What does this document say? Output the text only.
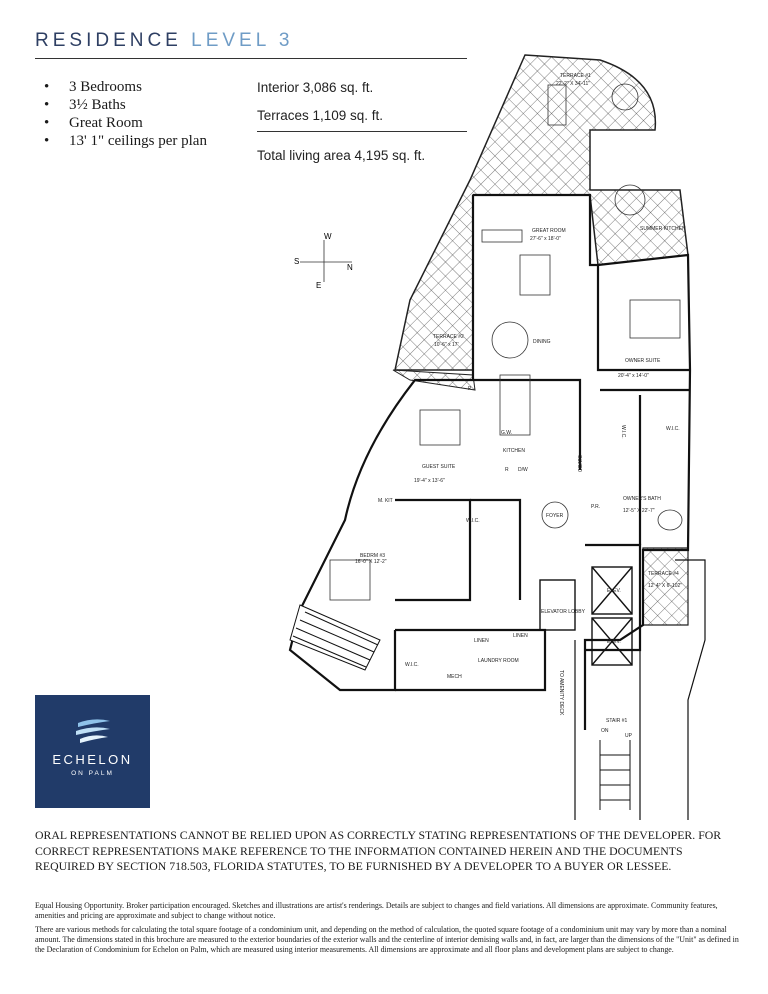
RESIDENCE LEVEL 3
• 3 Bedrooms
• 3½ Baths
• Great Room
• 13' 1" ceilings per plan
Interior 3,086 sq. ft.
Terraces 1,109 sq. ft.
Total living area 4,195 sq. ft.
W
S
N
E
TERRACE #1
22'-2" X 34'-11"
GREAT ROOM
27'-6" x 18'-0"
SUMMER KITCHEN
TERRACE #2
10'-6" x 17'	DINING
OWNER SUITE
20'-4" x 14'-0"
KITCHEN
GUEST SUITE
19'-4" x 13'-6"
W.I.C.
COATS
FOYER
OWNER'S BATH
12'-5" X 22'-7"
M. KIT
BEDRM #3
16'-0" X 12'-2"
TERRACE #4
12' 4" X 6'-102"
ELEV.
ELEV.
ELEVATOR LOBBY
LINEN
LINEN
LAUNDRY ROOM
MECH
W.I.C.
STAIR #1
ON
UP
TO AMENITY DECK
P.R.
P
D/W
R
G.W.
W.I.C.
W.I.C.
ECHELON
ON PALM
ORAL REPRESENTATIONS CANNOT BE RELIED UPON AS CORRECTLY STATING REPRESENTATIONS OF THE DEVELOPER. FOR CORRECT REPRESENTATIONS MAKE REFERENCE TO THE INFORMATION CONTAINED HEREIN AND THE DOCUMENTS REQUIRED BY SECTION 718.503, FLORIDA STATUTES, TO BE FURNISHED BY A DEVELOPER TO A BUYER OR LESSEE.
Equal Housing Opportunity. Broker participation encouraged. Sketches and illustrations are artist's renderings. Details are subject to changes and field variations. All dimensions are approximate. Community features, amenities and pricing are approximate and subject to change without notice.
There are various methods for calculating the total square footage of a condominium unit, and depending on the method of calculation, the quoted square footage of a condominium unit may vary by more than a nominal amount. The dimensions stated in this brochure are measured to the exterior boundaries of the exterior walls and the centerline of interior demising walls and, in fact, are larger than the dimensions of the "Unit" as defined in the Declaration of Condominium for Echelon on Palm, which are measured using interior measurements. All dimensions are approximate and all floor plans and development plans are subject to change.
